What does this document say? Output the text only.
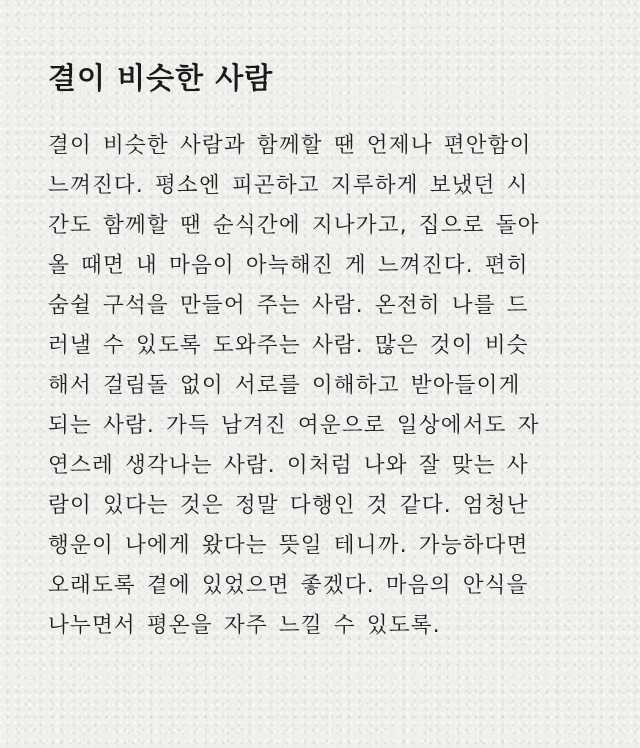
결이 비슷한 사람
결이 비슷한 사람과 함께할 땐 언제나 편안함이
느껴진다. 평소엔 피곤하고 지루하게 보냈던 시
간도 함께할 땐 순식간에 지나가고, 집으로 돌아
올 때면 내 마음이 아늑해진 게 느껴진다. 편히
숨쉴 구석을 만들어 주는 사람. 온전히 나를 드
러낼 수 있도록 도와주는 사람. 많은 것이 비슷
해서 걸림돌 없이 서로를 이해하고 받아들이게
되는 사람. 가득 남겨진 여운으로 일상에서도 자
연스레 생각나는 사람. 이처럼 나와 잘 맞는 사
람이 있다는 것은 정말 다행인 것 같다. 엄청난
행운이 나에게 왔다는 뜻일 테니까. 가능하다면
오래도록 곁에 있었으면 좋겠다. 마음의 안식을
나누면서 평온을 자주 느낄 수 있도록.
